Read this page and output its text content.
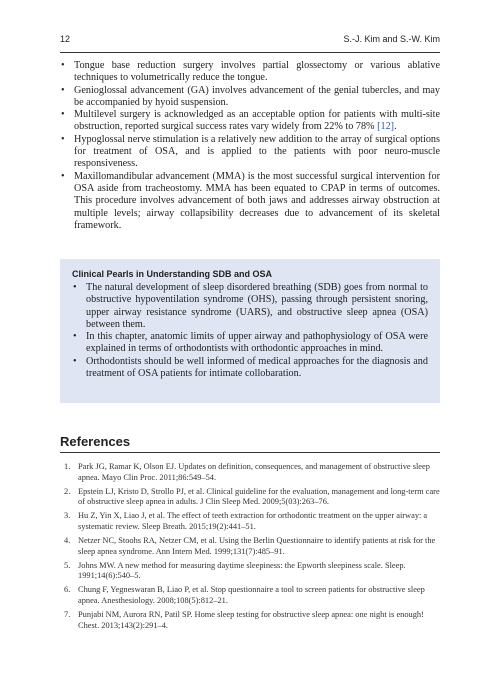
12	S.-J. Kim and S.-W. Kim
• Tongue base reduction surgery involves partial glossectomy or various ablative techniques to volumetrically reduce the tongue.
• Genioglossal advancement (GA) involves advancement of the genial tubercles, and may be accompanied by hyoid suspension.
• Multilevel surgery is acknowledged as an acceptable option for patients with multi-site obstruction, reported surgical success rates vary widely from 22% to 78% [12].
• Hypoglossal nerve stimulation is a relatively new addition to the array of surgical options for treatment of OSA, and is applied to the patients with poor neuro-muscle responsiveness.
• Maxillomandibular advancement (MMA) is the most successful surgical intervention for OSA aside from tracheostomy. MMA has been equated to CPAP in terms of outcomes. This procedure involves advancement of both jaws and addresses airway obstruction at multiple levels; airway collapsibility decreases due to advancement of its skeletal framework.
Clinical Pearls in Understanding SDB and OSA
• The natural development of sleep disordered breathing (SDB) goes from normal to obstructive hypoventilation syndrome (OHS), passing through persistent snoring, upper airway resistance syndrome (UARS), and obstructive sleep apnea (OSA) between them.
• In this chapter, anatomic limits of upper airway and pathophysiology of OSA were explained in terms of orthodontists with orthodontic approaches in mind.
• Orthodontists should be well informed of medical approaches for the diagnosis and treatment of OSA patients for intimate collobaration.
References
1. Park JG, Ramar K, Olson EJ. Updates on definition, consequences, and management of obstructive sleep apnea. Mayo Clin Proc. 2011;86:549–54.
2. Epstein LJ, Kristo D, Strollo PJ, et al. Clinical guideline for the evaluation, management and long-term care of obstructive sleep apnea in adults. J Clin Sleep Med. 2009;5(03):263–76.
3. Hu Z, Yin X, Liao J, et al. The effect of teeth extraction for orthodontic treatment on the upper airway: a systematic review. Sleep Breath. 2015;19(2):441–51.
4. Netzer NC, Stoohs RA, Netzer CM, et al. Using the Berlin Questionnaire to identify patients at risk for the sleep apnea syndrome. Ann Intern Med. 1999;131(7):485–91.
5. Johns MW. A new method for measuring daytime sleepiness: the Epworth sleepiness scale. Sleep. 1991;14(6):540–5.
6. Chung F, Yegneswaran B, Liao P, et al. Stop questionnaire a tool to screen patients for obstructive sleep apnea. Anesthesiology. 2008;108(5):812–21.
7. Punjabi NM, Aurora RN, Patil SP. Home sleep testing for obstructive sleep apnea: one night is enough! Chest. 2013;143(2):291–4.
